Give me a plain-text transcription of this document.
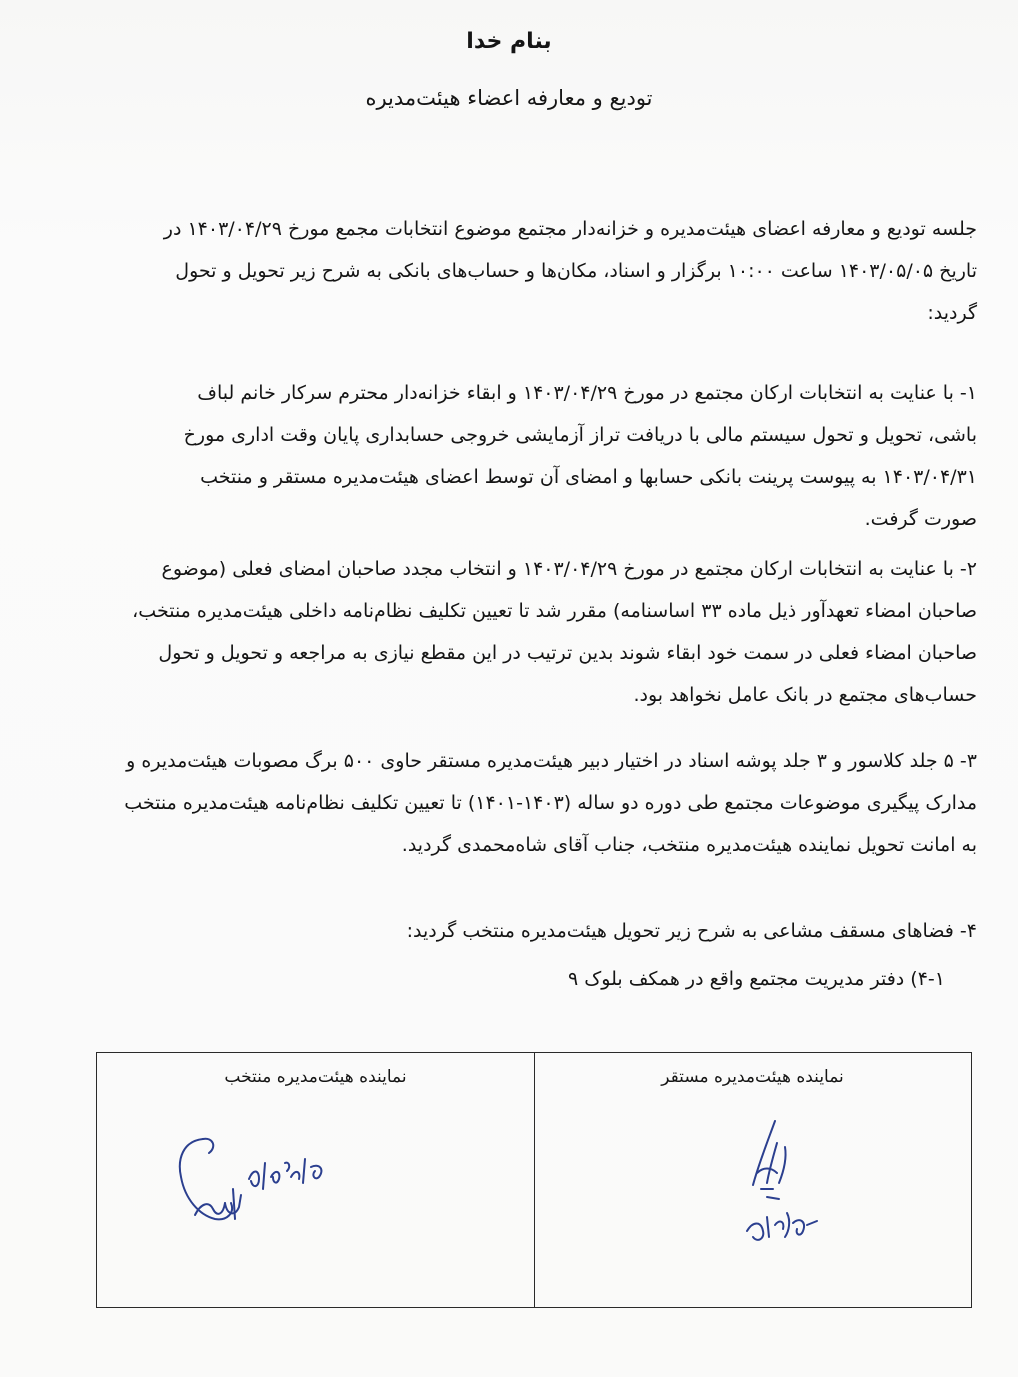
بنام خدا
تودیع و معارفه اعضاء هیئت‌مدیره

جلسه تودیع و معارفه اعضای هیئت‌مدیره و خزانه‌دار مجتمع موضوع انتخابات مجمع مورخ ۱۴۰۳/۰۴/۲۹ در تاریخ ۱۴۰۳/۰۵/۰۵ ساعت ۱۰:۰۰ برگزار و اسناد، مکان‌ها و حساب‌های بانکی به شرح زیر تحویل و تحول گردید:

۱- با عنایت به انتخابات ارکان مجتمع در مورخ ۱۴۰۳/۰۴/۲۹ و ابقاء خزانه‌دار محترم سرکار خانم لباف باشی، تحویل و تحول سیستم مالی با دریافت تراز آزمایشی خروجی حسابداری پایان وقت اداری مورخ ۱۴۰۳/۰۴/۳۱ به پیوست پرینت بانکی حسابها و امضای آن توسط اعضای هیئت‌مدیره مستقر و منتخب صورت گرفت.

۲- با عنایت به انتخابات ارکان مجتمع در مورخ ۱۴۰۳/۰۴/۲۹ و انتخاب مجدد صاحبان امضای فعلی (موضوع صاحبان امضاء تعهدآور ذیل ماده ۳۳ اساسنامه) مقرر شد تا تعیین تکلیف نظام‌نامه داخلی هیئت‌مدیره منتخب، صاحبان امضاء فعلی در سمت خود ابقاء شوند بدین ترتیب در این مقطع نیازی به مراجعه و تحویل و تحول حساب‌های مجتمع در بانک عامل نخواهد بود.

۳- ۵ جلد کلاسور و ۳ جلد پوشه اسناد در اختیار دبیر هیئت‌مدیره مستقر حاوی ۵۰۰ برگ مصوبات هیئت‌مدیره و مدارک پیگیری موضوعات مجتمع طی دوره دو ساله (۱۴۰۳-۱۴۰۱) تا تعیین تکلیف نظام‌نامه هیئت‌مدیره منتخب به امانت تحویل نماینده هیئت‌مدیره منتخب، جناب آقای شاه‌محمدی گردید.

۴- فضاهای مسقف مشاعی به شرح زیر تحویل هیئت‌مدیره منتخب گردید:

۴-۱) دفتر مدیریت مجتمع واقع در همکف بلوک ۹

نماینده هیئت‌مدیره مستقر
نماینده هیئت‌مدیره منتخب
۱۴۰۳/۵/۵
رسول ناصری
